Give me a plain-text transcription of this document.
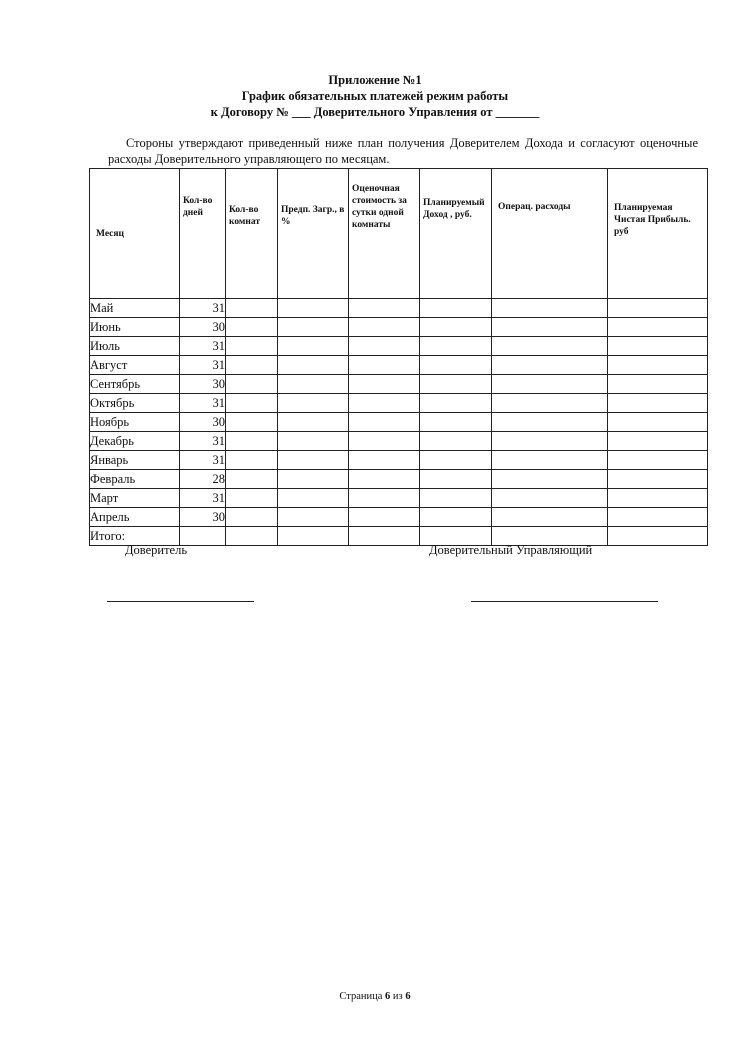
Приложение №1
График обязательных платежей режим работы
к Договору № ___ Доверительного Управления от _______
Стороны утверждают приведенный ниже план получения Доверителем Дохода и согласуют оценочные расходы Доверительного управляющего по месяцам.
Месяц	Кол-во дней	Кол-во комнат	Предп. Загр., в %	Оценочная стоимость за сутки одной комнаты	Планируемый Доход , руб.	Операц. расходы	Планируемая Чистая Прибыль. руб
Май	31						
Июнь	30						
Июль	31						
Август	31						
Сентябрь	30						
Октябрь	31						
Ноябрь	30						
Декабрь	31						
Январь	31						
Февраль	28						
Март	31						
Апрель	30						
Итого:							
Доверитель	Доверительный Управляющий
Страница 6 из 6
